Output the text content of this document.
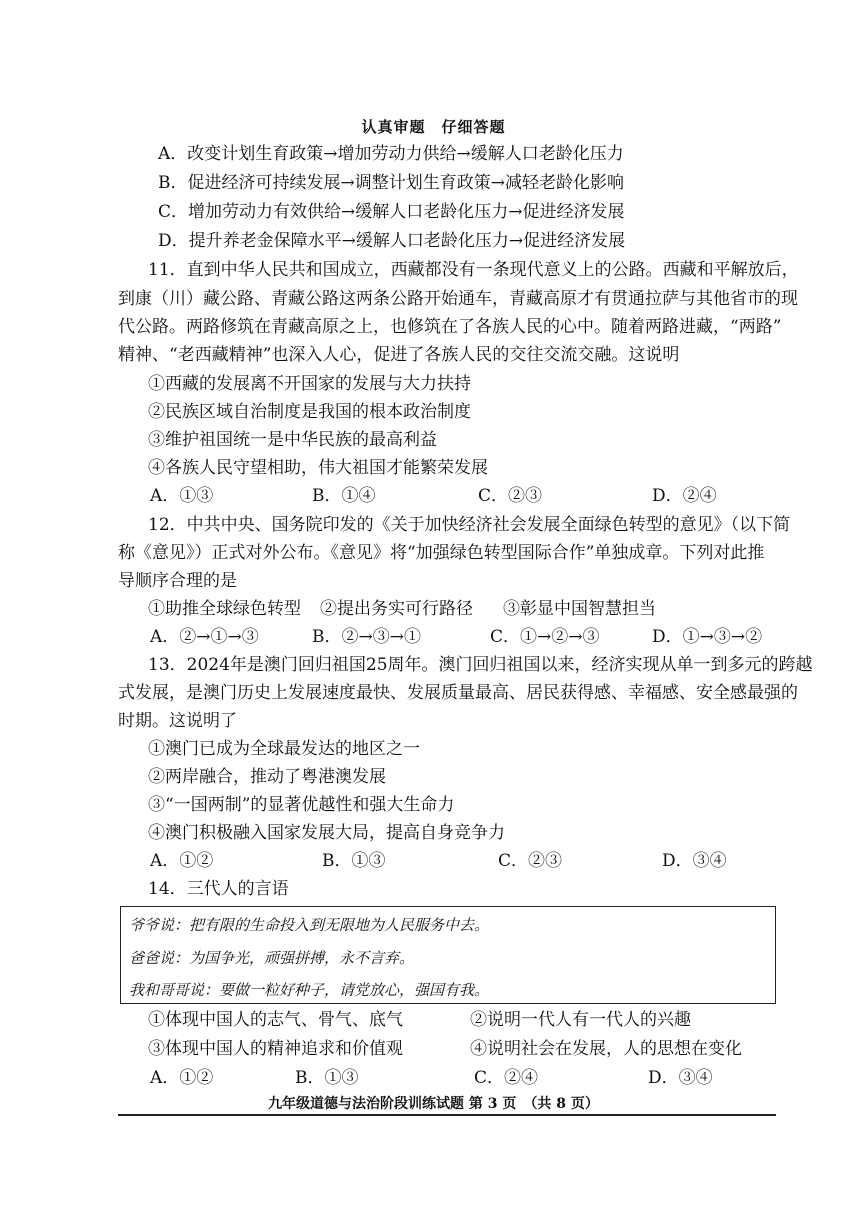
认真审题　仔细答题
A．改变计划生育政策→增加劳动力供给→缓解人口老龄化压力
B．促进经济可持续发展→调整计划生育政策→减轻老龄化影响
C．增加劳动力有效供给→缓解人口老龄化压力→促进经济发展
D．提升养老金保障水平→缓解人口老龄化压力→促进经济发展
11．直到中华人民共和国成立，西藏都没有一条现代意义上的公路。西藏和平解放后，
到康（川）藏公路、青藏公路这两条公路开始通车，青藏高原才有贯通拉萨与其他省市的现
代公路。两路修筑在青藏高原之上，也修筑在了各族人民的心中。随着两路进藏，“两路”
精神、“老西藏精神”也深入人心，促进了各族人民的交往交流交融。这说明
①西藏的发展离不开国家的发展与大力扶持
②民族区域自治制度是我国的根本政治制度
③维护祖国统一是中华民族的最高利益
④各族人民守望相助，伟大祖国才能繁荣发展
A．①③	B．①④	C．②③	D．②④
12．中共中央、国务院印发的《关于加快经济社会发展全面绿色转型的意见》（以下简
称《意见》）正式对外公布。《意见》将“加强绿色转型国际合作”单独成章。下列对此推
导顺序合理的是
①助推全球绿色转型 ②提出务实可行路径 ③彰显中国智慧担当
A．②→①→③	B．②→③→①	C．①→②→③	D．①→③→②
13．2024年是澳门回归祖国25周年。澳门回归祖国以来，经济实现从单一到多元的跨越
式发展，是澳门历史上发展速度最快、发展质量最高、居民获得感、幸福感、安全感最强的
时期。这说明了
①澳门已成为全球最发达的地区之一
②两岸融合，推动了粤港澳发展
③“一国两制”的显著优越性和强大生命力
④澳门积极融入国家发展大局，提高自身竞争力
A．①②	B．①③	C．②③	D．③④
14．三代人的言语
爷爷说：把有限的生命投入到无限地为人民服务中去。
爸爸说：为国争光，顽强拼搏，永不言弃。
我和哥哥说：要做一粒好种子，请党放心，强国有我。
①体现中国人的志气、骨气、底气	②说明一代人有一代人的兴趣
③体现中国人的精神追求和价值观	④说明社会在发展，人的思想在变化
A．①②	B．①③	C．②④	D．③④
九年级道德与法治阶段训练试题 第 3 页　（共 8 页）
